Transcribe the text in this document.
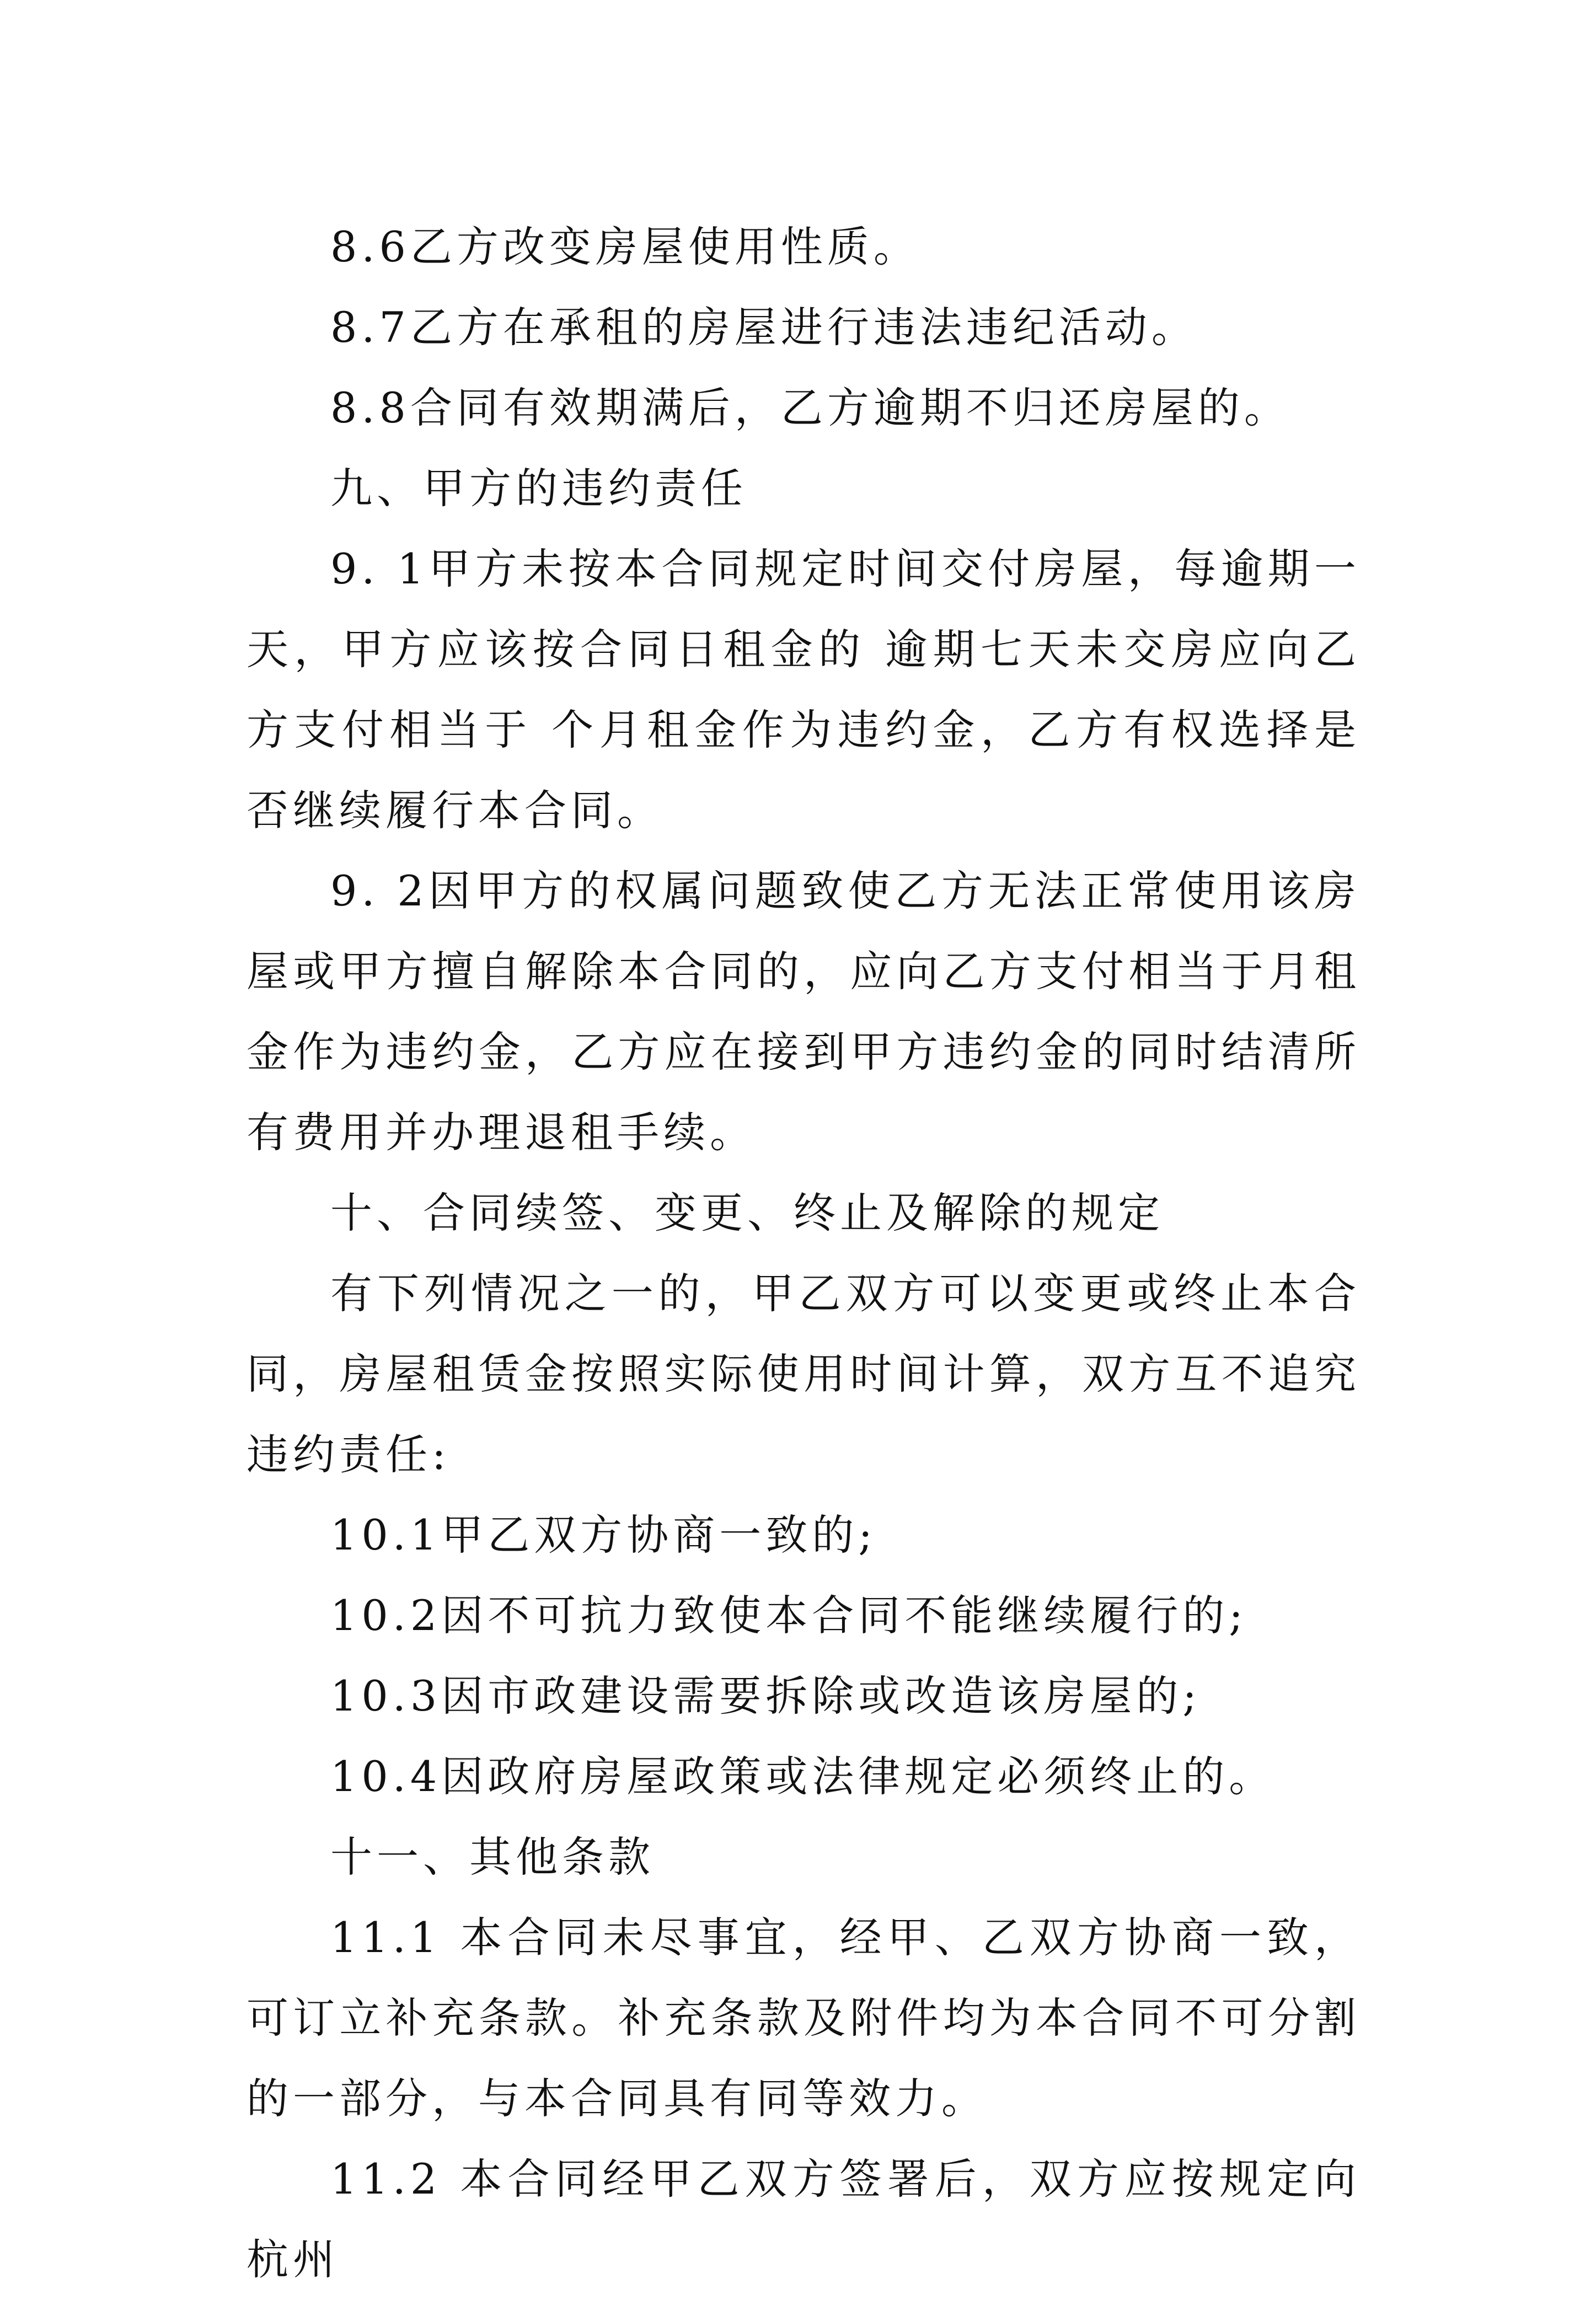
8.6乙方改变房屋使用性质。

8.7乙方在承租的房屋进行违法违纪活动。

8.8合同有效期满后，乙方逾期不归还房屋的。

九、甲方的违约责任

9. 1甲方未按本合同规定时间交付房屋，每逾期一天，甲方应该按合同日租金的 逾期七天未交房应向乙方支付相当于 个月租金作为违约金，乙方有权选择是否继续履行本合同。

9. 2因甲方的权属问题致使乙方无法正常使用该房屋或甲方擅自解除本合同的，应向乙方支付相当于月租金作为违约金，乙方应在接到甲方违约金的同时结清所有费用并办理退租手续。

十、合同续签、变更、终止及解除的规定

有下列情况之一的，甲乙双方可以变更或终止本合同，房屋租赁金按照实际使用时间计算，双方互不追究违约责任:

10.1甲乙双方协商一致的;

10.2因不可抗力致使本合同不能继续履行的;

10.3因市政建设需要拆除或改造该房屋的;

10.4因政府房屋政策或法律规定必须终止的。

十一、其他条款

11.1 本合同未尽事宜，经甲、乙双方协商一致，可订立补充条款。补充条款及附件均为本合同不可分割的一部分，与本合同具有同等效力。

11.2 本合同经甲乙双方签署后，双方应按规定向杭州
